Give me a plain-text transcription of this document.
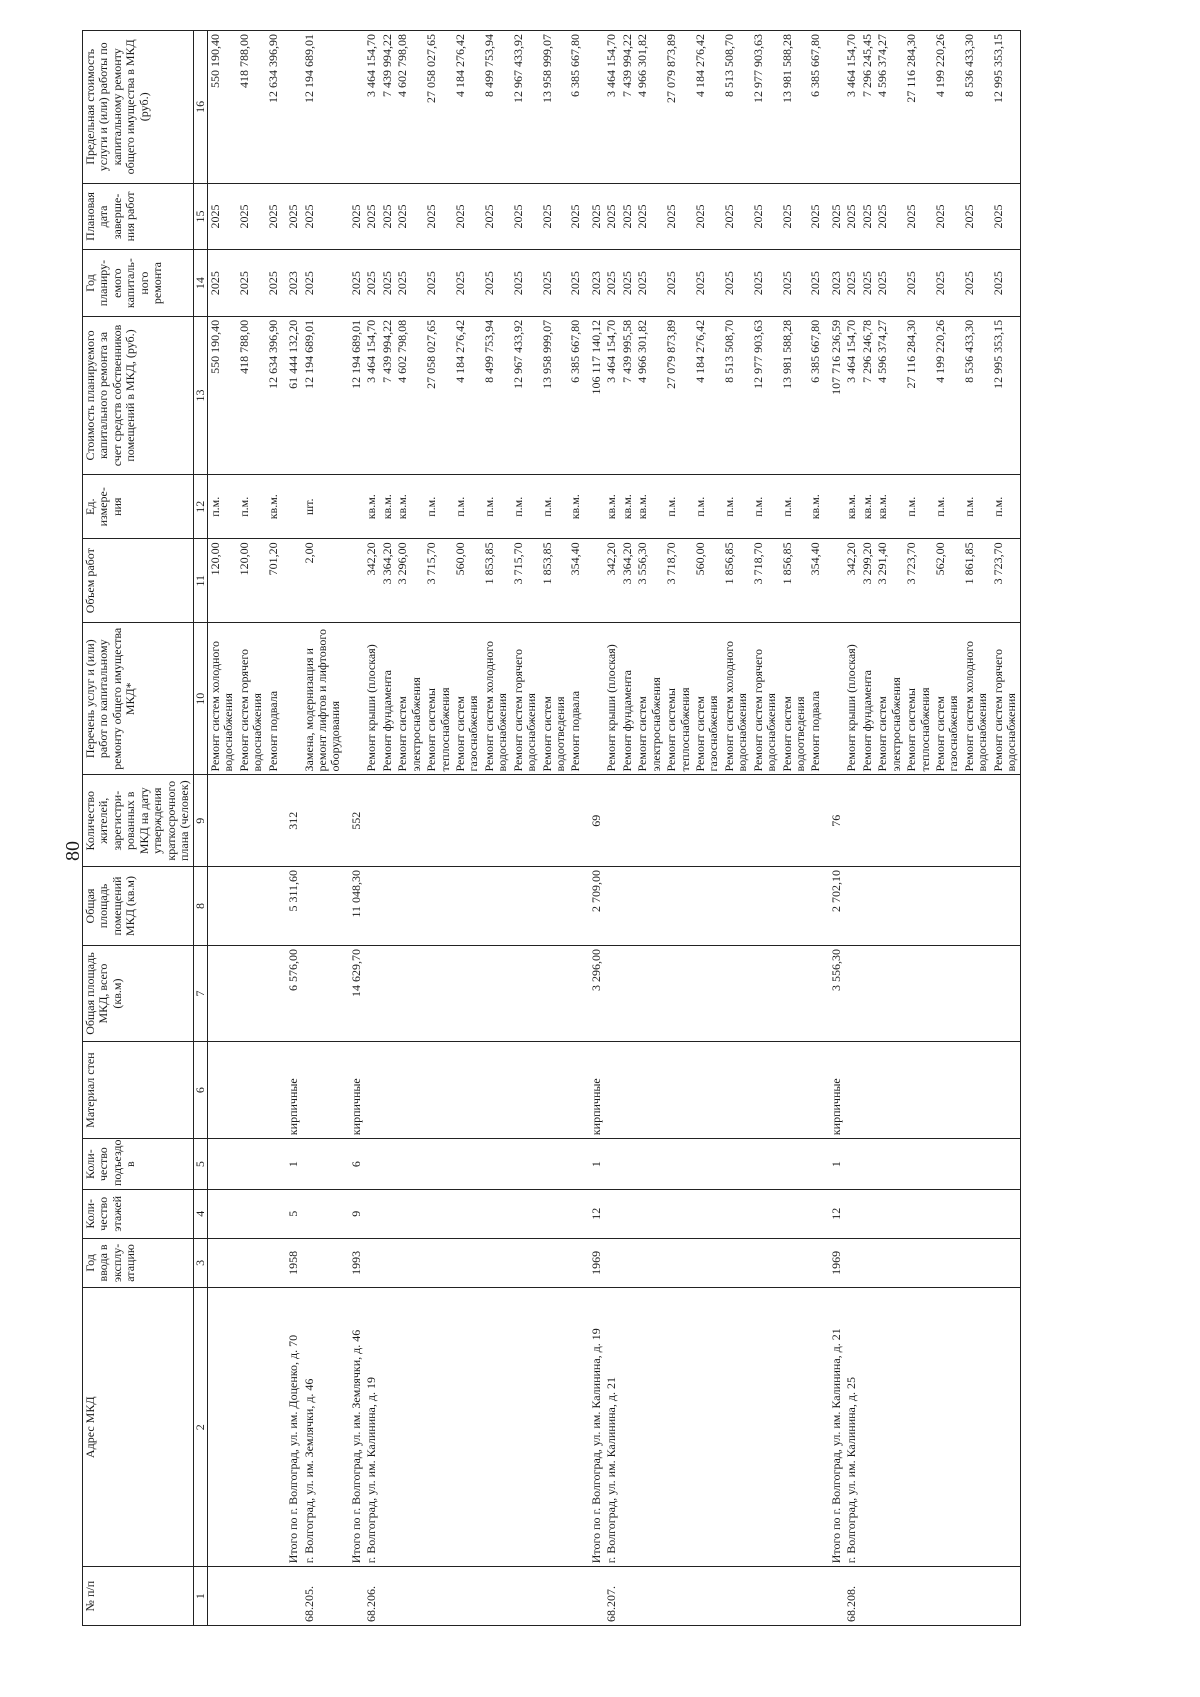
80
№ п/п	Адрес МКД	Год ввода в эксплу-атацию	Коли-чество этажей	Коли-чество подъездо в	Материал стен	Общая площадь МКД, всего (кв.м)	Общая площадь помещений МКД (кв.м)	Количество жителей, зарегистри-рованных в МКД на дату утверждения краткосрочного плана (человек)	Перечень услуг и (или) работ по капитальному ремонту общего имущества МКД*	Объем работ	Ед. измере-ния	Стоимость планируемого капитального ремонта за счет средств собственников помещений в МКД, (руб.)	Год планиру-емого капиталь-ного ремонта	Плановая дата заверше-ния работ	Предельная стоимость услуги и (или) работы по капитальному ремонту общего имущества в МКД (руб.)
1	2	3	4	5	6	7	8	9	10	11	12	13	14	15	16
									Ремонт систем холодного водоснабжения	120,00	п.м.	550 190,40	2025	2025	550 190,40
									Ремонт систем горячего водоснабжения	120,00	п.м.	418 788,00	2025	2025	418 788,00
									Ремонт подвала	701,20	кв.м.	12 634 396,90	2025	2025	12 634 396,90
	Итого по г. Волгоград, ул. им. Доценко, д. 70	1958	5	1	кирпичные	6 576,00	5 311,60	312				61 444 132,20	2023	2025	
68.205.	г. Волгоград, ул. им. Землячки, д. 46								Замена, модернизация и ремонт лифтов и лифтового оборудования	2,00	шт.	12 194 689,01	2025	2025	12 194 689,01
	Итого по г. Волгоград, ул. им. Землячки, д. 46	1993	9	6	кирпичные	14 629,70	11 048,30	552				12 194 689,01	2025	2025	
68.206.	г. Волгоград, ул. им. Калинина, д. 19								Ремонт крыши (плоская)	342,20	кв.м.	3 464 154,70	2025	2025	3 464 154,70
									Ремонт фундамента	3 364,20	кв.м.	7 439 994,22	2025	2025	7 439 994,22
									Ремонт систем электроснабжения	3 296,00	кв.м.	4 602 798,08	2025	2025	4 602 798,08
									Ремонт системы теплоснабжения	3 715,70	п.м.	27 058 027,65	2025	2025	27 058 027,65
									Ремонт систем газоснабжения	560,00	п.м.	4 184 276,42	2025	2025	4 184 276,42
									Ремонт систем холодного водоснабжения	1 853,85	п.м.	8 499 753,94	2025	2025	8 499 753,94
									Ремонт систем горячего водоснабжения	3 715,70	п.м.	12 967 433,92	2025	2025	12 967 433,92
									Ремонт систем водоотведения	1 853,85	п.м.	13 958 999,07	2025	2025	13 958 999,07
									Ремонт подвала	354,40	кв.м.	6 385 667,80	2025	2025	6 385 667,80
	Итого по г. Волгоград, ул. им. Калинина, д. 19	1969	12	1	кирпичные	3 296,00	2 709,00	69				106 117 140,12	2023	2025	
68.207.	г. Волгоград, ул. им. Калинина, д. 21								Ремонт крыши (плоская)	342,20	кв.м.	3 464 154,70	2025	2025	3 464 154,70
									Ремонт фундамента	3 364,20	кв.м.	7 439 995,58	2025	2025	7 439 994,22
									Ремонт систем электроснабжения	3 556,30	кв.м.	4 966 301,82	2025	2025	4 966 301,82
									Ремонт системы теплоснабжения	3 718,70	п.м.	27 079 873,89	2025	2025	27 079 873,89
									Ремонт систем газоснабжения	560,00	п.м.	4 184 276,42	2025	2025	4 184 276,42
									Ремонт систем холодного водоснабжения	1 856,85	п.м.	8 513 508,70	2025	2025	8 513 508,70
									Ремонт систем горячего водоснабжения	3 718,70	п.м.	12 977 903,63	2025	2025	12 977 903,63
									Ремонт систем водоотведения	1 856,85	п.м.	13 981 588,28	2025	2025	13 981 588,28
									Ремонт подвала	354,40	кв.м.	6 385 667,80	2025	2025	6 385 667,80
	Итого по г. Волгоград, ул. им. Калинина, д. 21	1969	12	1	кирпичные	3 556,30	2 702,10	76				107 716 236,59	2023	2025	
68.208.	г. Волгоград, ул. им. Калинина, д. 25								Ремонт крыши (плоская)	342,20	кв.м.	3 464 154,70	2025	2025	3 464 154,70
									Ремонт фундамента	3 299,20	кв.м.	7 296 246,78	2025	2025	7 296 245,45
									Ремонт систем электроснабжения	3 291,40	кв.м.	4 596 374,27	2025	2025	4 596 374,27
									Ремонт системы теплоснабжения	3 723,70	п.м.	27 116 284,30	2025	2025	27 116 284,30
									Ремонт систем газоснабжения	562,00	п.м.	4 199 220,26	2025	2025	4 199 220,26
									Ремонт систем холодного водоснабжения	1 861,85	п.м.	8 536 433,30	2025	2025	8 536 433,30
									Ремонт систем горячего водоснабжения	3 723,70	п.м.	12 995 353,15	2025	2025	12 995 353,15
